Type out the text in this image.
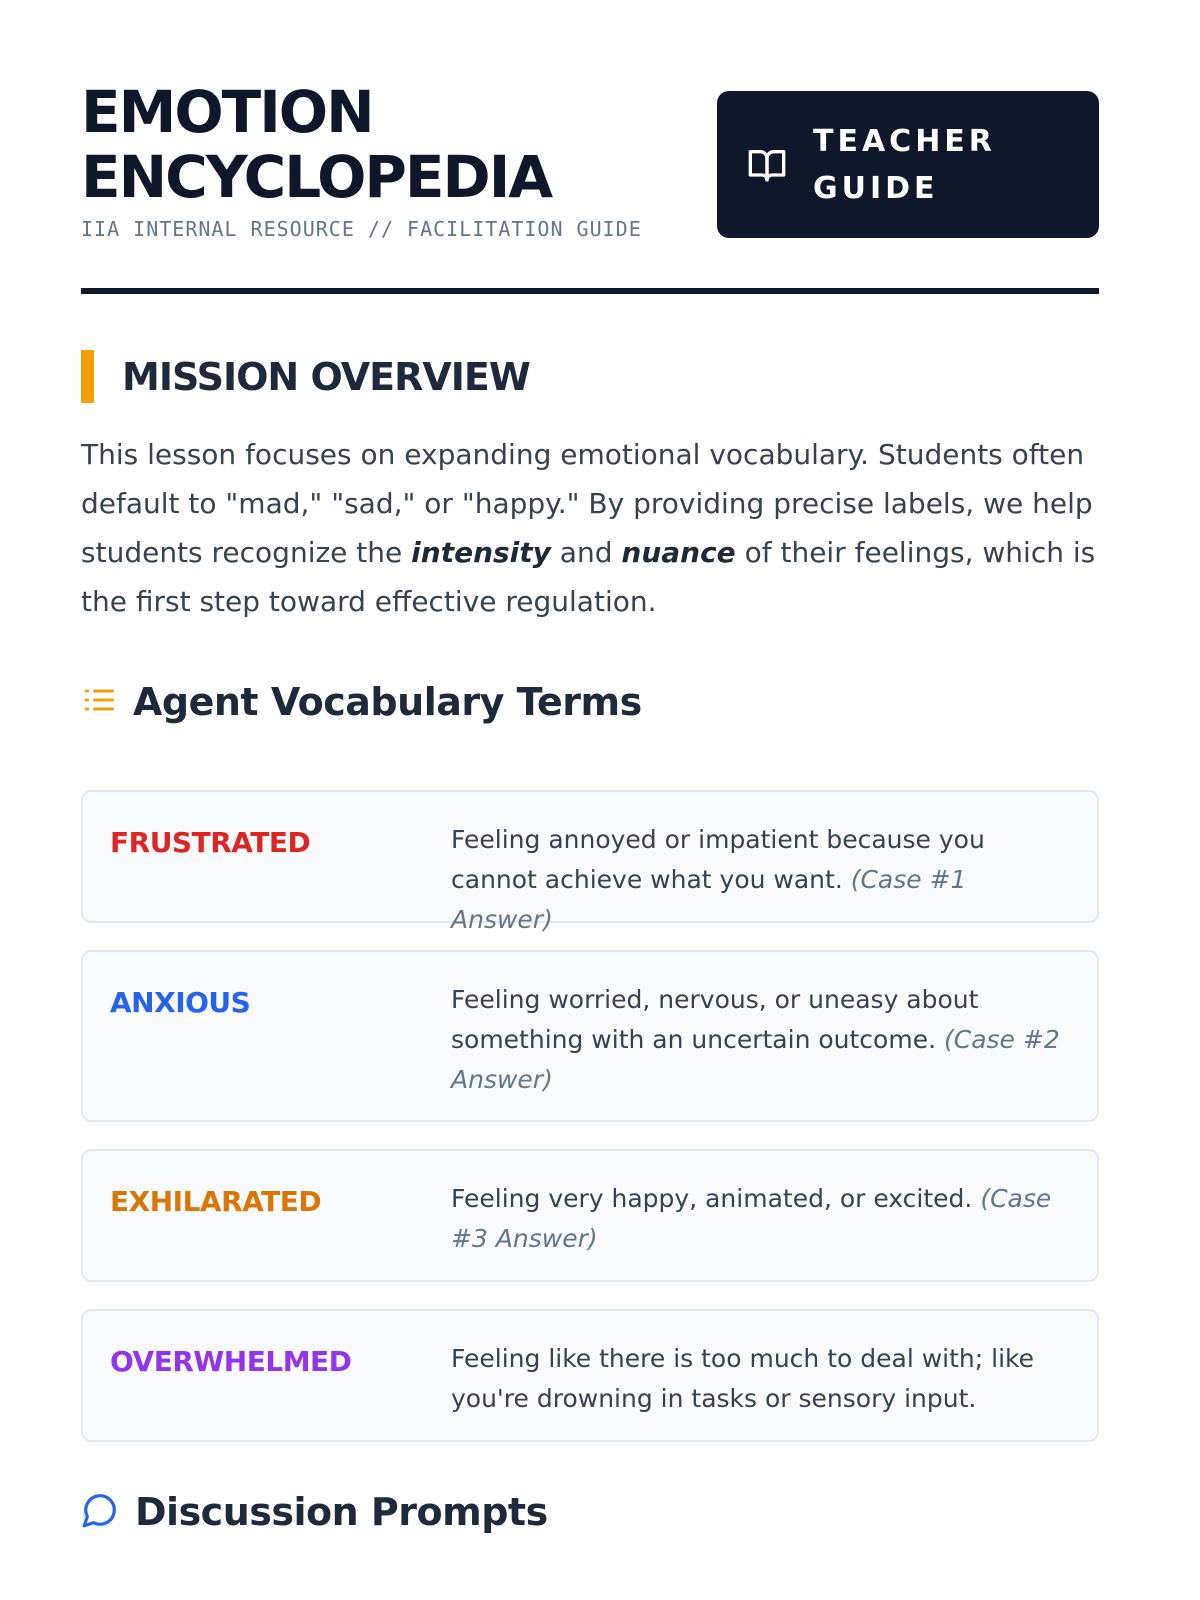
EMOTION
ENCYCLOPEDIA
IIA INTERNAL RESOURCE // FACILITATION GUIDE
TEACHER
GUIDE
MISSION OVERVIEW

This lesson focuses on expanding emotional vocabulary. Students often default to "mad," "sad," or "happy." By providing precise labels, we help students recognize the intensity and nuance of their feelings, which is the first step toward effective regulation.

Agent Vocabulary Terms
FRUSTRATED	Feeling annoyed or impatient because you cannot achieve what you want. (Case #1 Answer)
ANXIOUS	Feeling worried, nervous, or uneasy about something with an uncertain outcome. (Case #2 Answer)
EXHILARATED	Feeling very happy, animated, or excited. (Case #3 Answer)
OVERWHELMED	Feeling like there is too much to deal with; like you're drowning in tasks or sensory input.
Discussion Prompts
